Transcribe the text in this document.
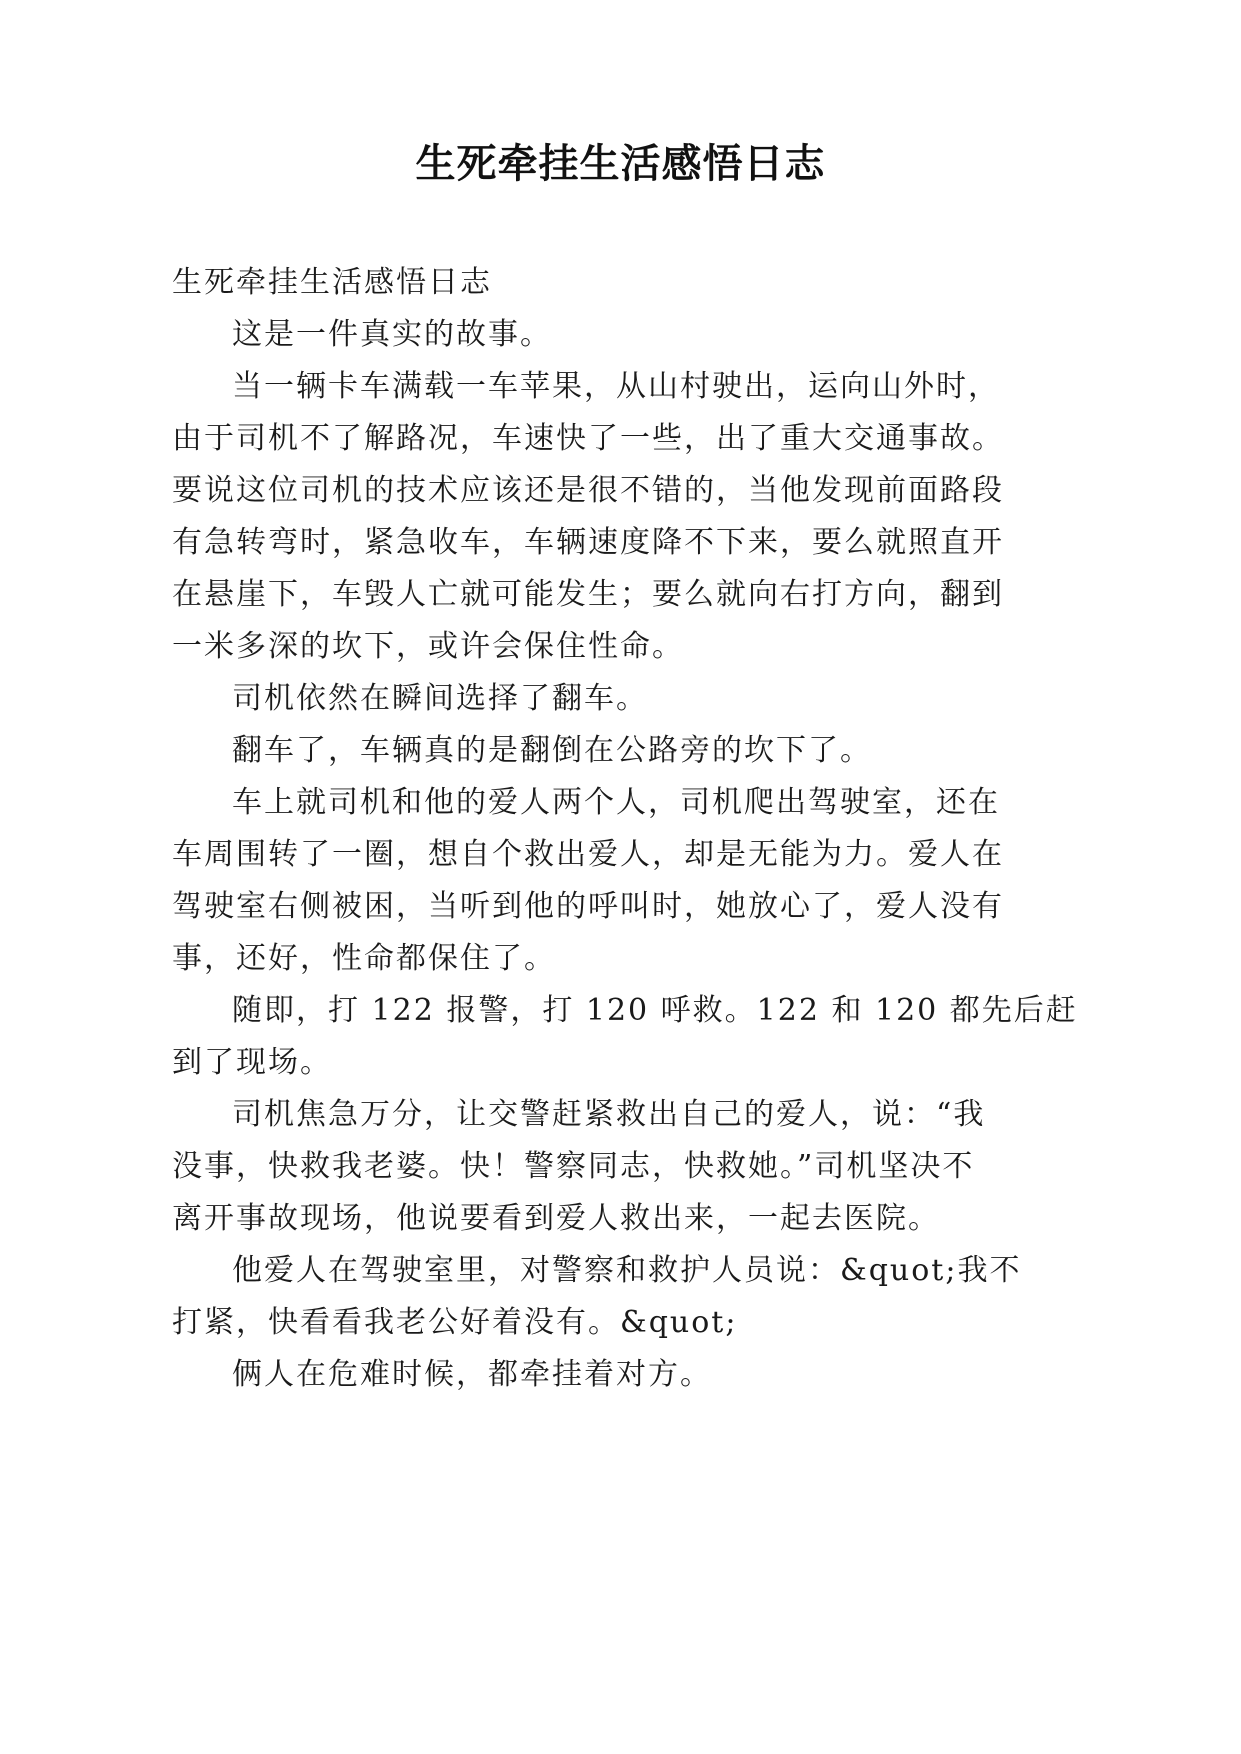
生死牵挂生活感悟日志
生死牵挂生活感悟日志
这是一件真实的故事。
当一辆卡车满载一车苹果，从山村驶出，运向山外时，
由于司机不了解路况，车速快了一些，出了重大交通事故。
要说这位司机的技术应该还是很不错的，当他发现前面路段
有急转弯时，紧急收车，车辆速度降不下来，要么就照直开
在悬崖下，车毁人亡就可能发生；要么就向右打方向，翻到
一米多深的坎下，或许会保住性命。
司机依然在瞬间选择了翻车。
翻车了，车辆真的是翻倒在公路旁的坎下了。
车上就司机和他的爱人两个人，司机爬出驾驶室，还在
车周围转了一圈，想自个救出爱人，却是无能为力。爱人在
驾驶室右侧被困，当听到他的呼叫时，她放心了，爱人没有
事，还好，性命都保住了。
随即，打 122 报警，打 120 呼救。122 和 120 都先后赶
到了现场。
司机焦急万分，让交警赶紧救出自己的爱人，说：“我
没事，快救我老婆。快！警察同志，快救她。”司机坚决不
离开事故现场，他说要看到爱人救出来，一起去医院。
他爱人在驾驶室里，对警察和救护人员说：&quot;我不
打紧，快看看我老公好着没有。&quot;
俩人在危难时候，都牵挂着对方。
